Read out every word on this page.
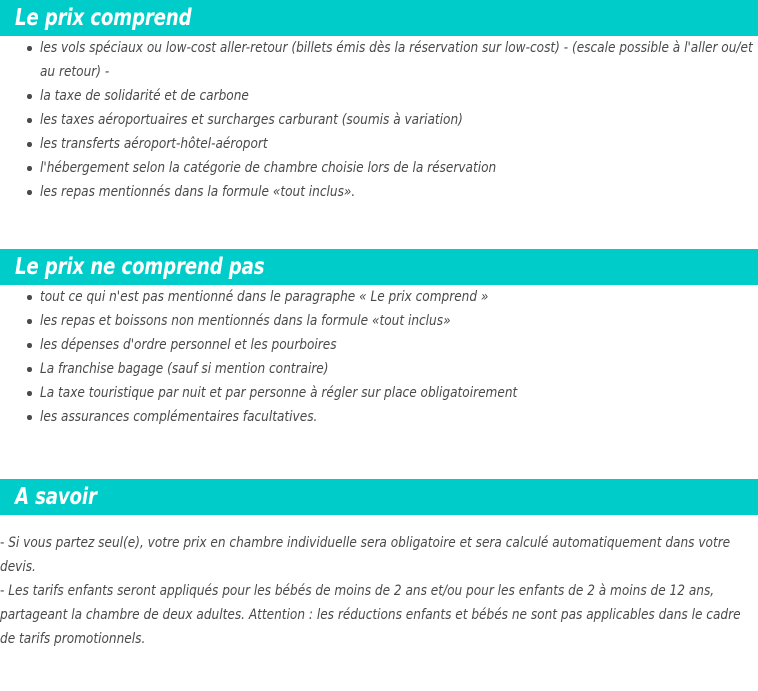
Le prix comprend
les vols spéciaux ou low-cost aller-retour (billets émis dès la réservation sur low-cost) - (escale possible à l'aller ou/et au retour) -
la taxe de solidarité et de carbone
les taxes aéroportuaires et surcharges carburant (soumis à variation)
les transferts aéroport-hôtel-aéroport
l'hébergement selon la catégorie de chambre choisie lors de la réservation
les repas mentionnés dans la formule «tout inclus».
Le prix ne comprend pas
tout ce qui n'est pas mentionné dans le paragraphe « Le prix comprend »
les repas et boissons non mentionnés dans la formule «tout inclus»
les dépenses d'ordre personnel et les pourboires
La franchise bagage (sauf si mention contraire)
La taxe touristique par nuit et par personne à régler sur place obligatoirement
les assurances complémentaires facultatives.
A savoir

- Si vous partez seul(e), votre prix en chambre individuelle sera obligatoire et sera calculé automatiquement dans votre devis.

- Les tarifs enfants seront appliqués pour les bébés de moins de 2 ans et/ou pour les enfants de 2 à moins de 12 ans, partageant la chambre de deux adultes. Attention : les réductions enfants et bébés ne sont pas applicables dans le cadre de tarifs promotionnels.
